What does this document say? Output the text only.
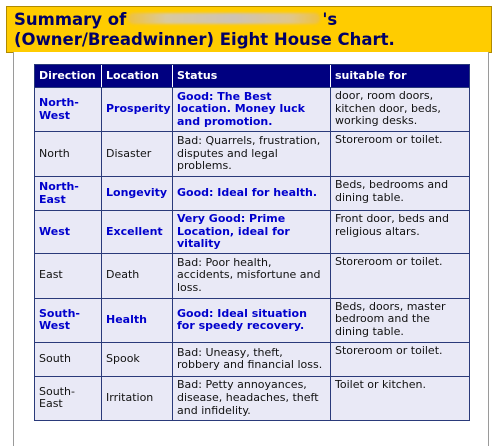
Summary of	's
(Owner/Breadwinner) Eight House Chart.
Direction	Location	Status	suitable for
North-West	Prosperity	Good: The Best location. Money luck and promotion.	door, room doors, kitchen door, beds, working desks.
North	Disaster	Bad: Quarrels, frustration, disputes and legal problems.	Storeroom or toilet.
North-East	Longevity	Good: Ideal for health.	Beds, bedrooms and dining table.
West	Excellent	Very Good: Prime Location, ideal for vitality	Front door, beds and religious altars.
East	Death	Bad: Poor health, accidents, misfortune and loss.	Storeroom or toilet.
South-West	Health	Good: Ideal situation for speedy recovery.	Beds, doors, master bedroom and the dining table.
South	Spook	Bad: Uneasy, theft, robbery and financial loss.	Storeroom or toilet.
South-East	Irritation	Bad: Petty annoyances, disease, headaches, theft and infidelity.	Toilet or kitchen.
